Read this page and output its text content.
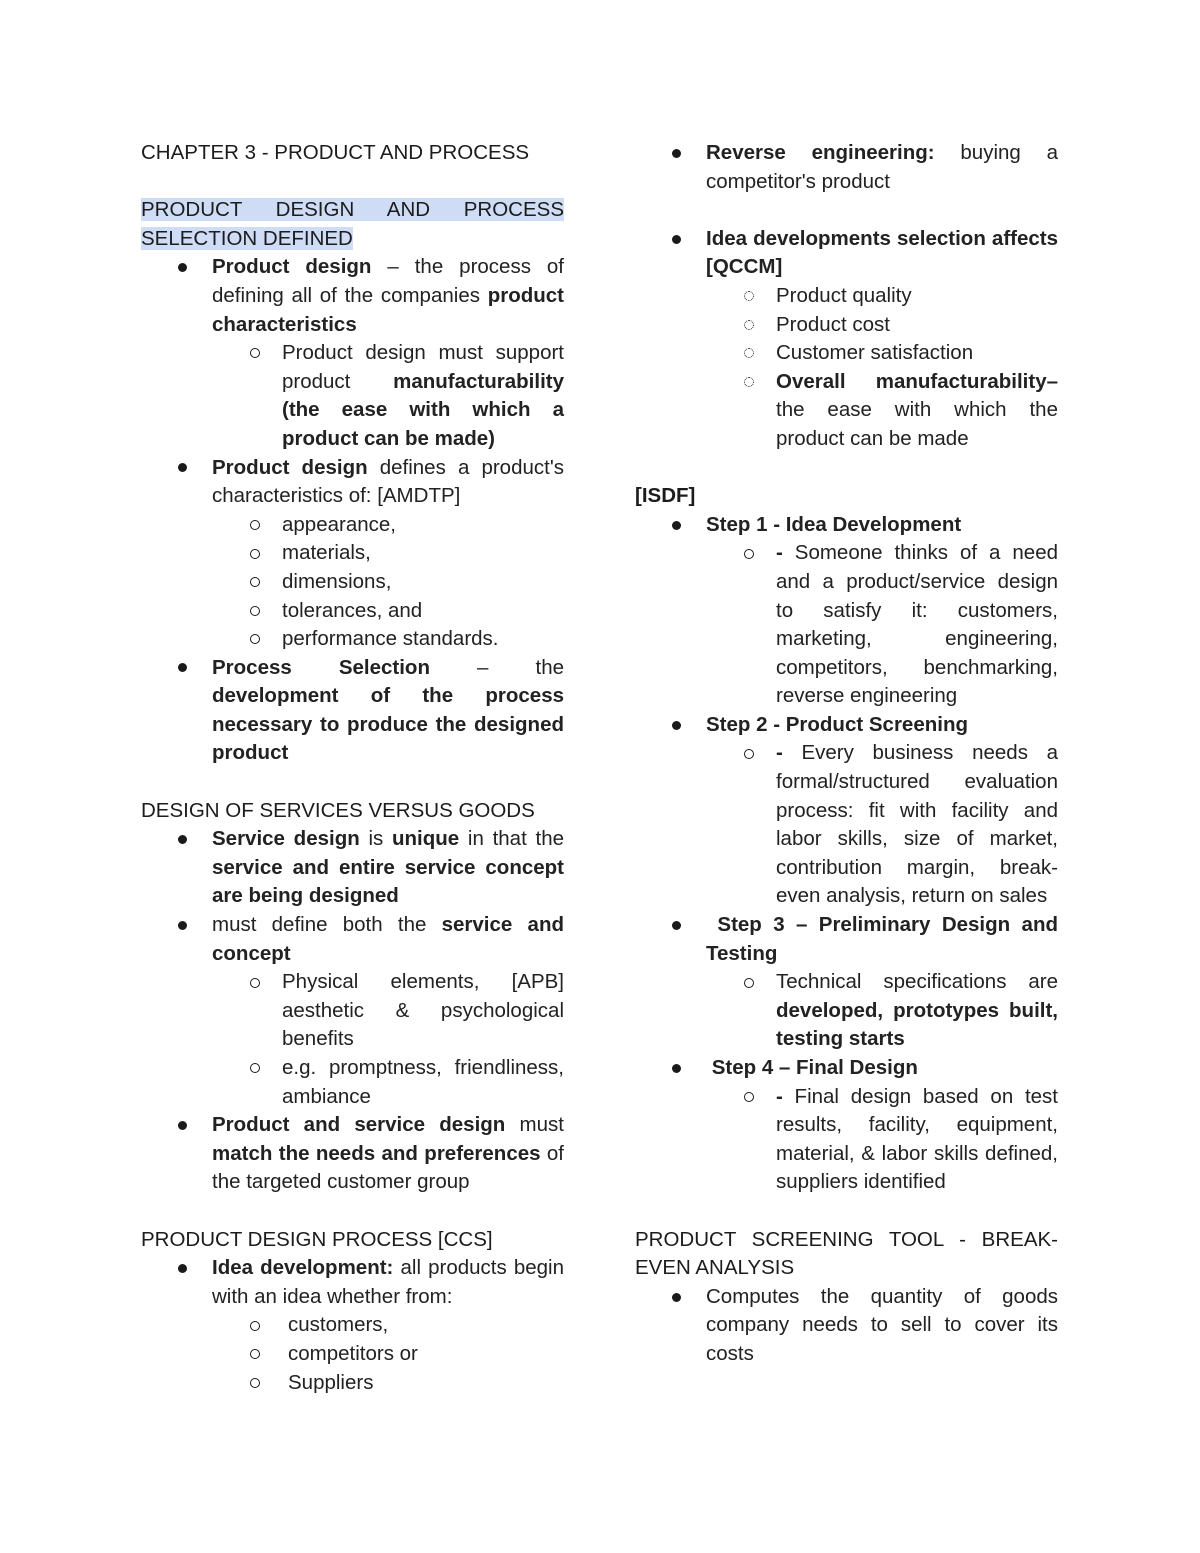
CHAPTER 3 - PRODUCT AND PROCESS
PRODUCT DESIGN AND PROCESS SELECTION DEFINED
Product design – the process of defining all of the companies product characteristics
Product design must support product manufacturability (the ease with which a product can be made)
Product design defines a product's characteristics of: [AMDTP]
appearance,
materials,
dimensions,
tolerances, and
performance standards.
Process Selection – the development of the process necessary to produce the designed product
DESIGN OF SERVICES VERSUS GOODS
Service design is unique in that the service and entire service concept are being designed
must define both the service and concept
Physical elements, [APB] aesthetic & psychological benefits
e.g. promptness, friendliness, ambiance
Product and service design must match the needs and preferences of the targeted customer group
PRODUCT DESIGN PROCESS [CCS]
Idea development: all products begin with an idea whether from:
customers,
competitors or
Suppliers
Reverse engineering: buying a competitor's product
Idea developments selection affects [QCCM]
Product quality
Product cost
Customer satisfaction
Overall manufacturability– the ease with which the product can be made
[ISDF]
Step 1 - Idea Development
- Someone thinks of a need and a product/service design to satisfy it: customers, marketing, engineering, competitors, benchmarking, reverse engineering
Step 2 - Product Screening
- Every business needs a formal/structured evaluation process: fit with facility and labor skills, size of market, contribution margin, break-even analysis, return on sales
Step 3 – Preliminary Design and Testing
Technical specifications are developed, prototypes built, testing starts
Step 4 – Final Design
- Final design based on test results, facility, equipment, material, & labor skills defined, suppliers identified
PRODUCT SCREENING TOOL - BREAK-EVEN ANALYSIS
Computes the quantity of goods company needs to sell to cover its costs
